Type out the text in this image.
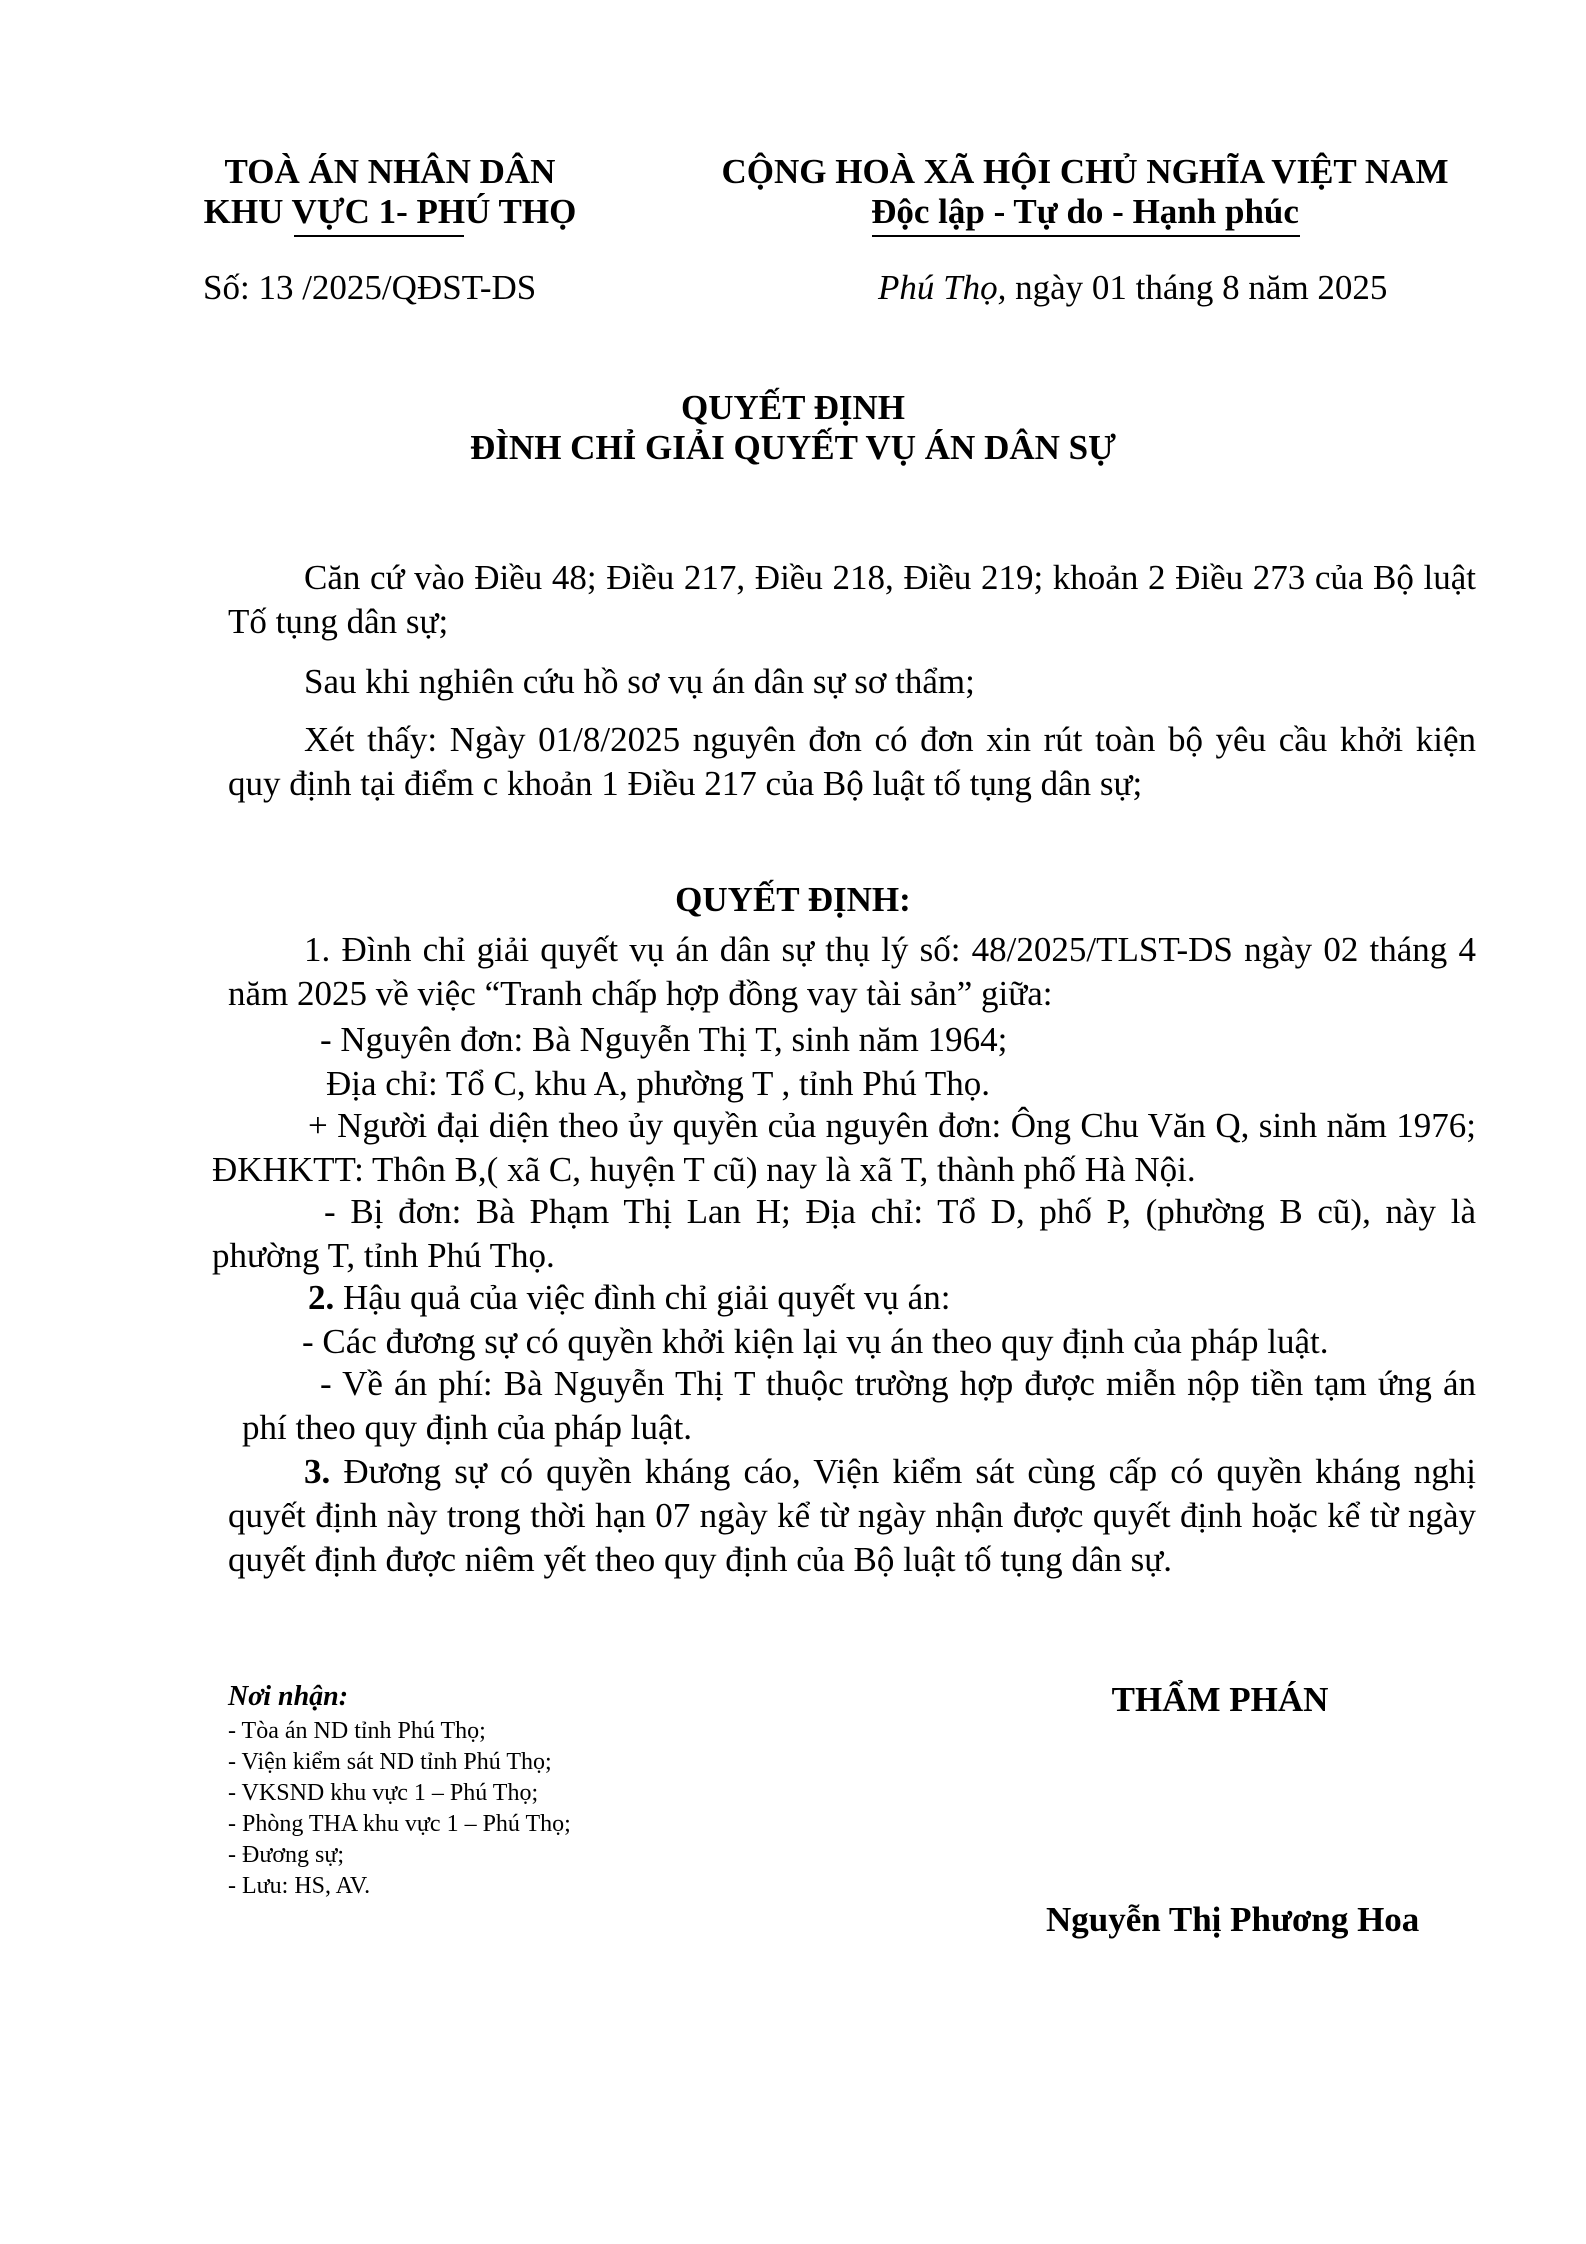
TOÀ ÁN NHÂN DÂN
KHU VỰC 1- PHÚ THỌ
CỘNG HOÀ XÃ HỘI CHỦ NGHĨA VIỆT NAM
Độc lập - Tự do - Hạnh phúc
Số: 13 /2025/QĐST-DS	Phú Thọ, ngày 01 tháng 8 năm 2025
QUYẾT ĐỊNH
ĐÌNH CHỈ GIẢI QUYẾT VỤ ÁN DÂN SỰ
Căn cứ vào Điều 48; Điều 217, Điều 218, Điều 219; khoản 2 Điều 273 của Bộ luật Tố tụng dân sự;
Sau khi nghiên cứu hồ sơ vụ án dân sự sơ thẩm;
Xét thấy: Ngày 01/8/2025 nguyên đơn có đơn xin rút toàn bộ yêu cầu khởi kiện quy định tại điểm c khoản 1 Điều 217 của Bộ luật tố tụng dân sự;
QUYẾT ĐỊNH:
1. Đình chỉ giải quyết vụ án dân sự thụ lý số: 48/2025/TLST-DS ngày 02 tháng 4 năm 2025 về việc “Tranh chấp hợp đồng vay tài sản” giữa:
- Nguyên đơn: Bà Nguyễn Thị T, sinh năm 1964;
Địa chỉ: Tổ C, khu A, phường T , tỉnh Phú Thọ.
+ Người đại diện theo ủy quyền của nguyên đơn: Ông Chu Văn Q, sinh năm 1976; ĐKHKTT: Thôn B,( xã C, huyện T cũ) nay là xã T, thành phố Hà Nội.
- Bị đơn: Bà Phạm Thị Lan H; Địa chỉ: Tổ D, phố P, (phường B cũ), này là phường T, tỉnh Phú Thọ.
2. Hậu quả của việc đình chỉ giải quyết vụ án:
- Các đương sự có quyền khởi kiện lại vụ án theo quy định của pháp luật.
- Về án phí: Bà Nguyễn Thị T thuộc trường hợp được miễn nộp tiền tạm ứng án phí theo quy định của pháp luật.
3. Đương sự có quyền kháng cáo, Viện kiểm sát cùng cấp có quyền kháng nghị quyết định này trong thời hạn 07 ngày kể từ ngày nhận được quyết định hoặc kể từ ngày quyết định được niêm yết theo quy định của Bộ luật tố tụng dân sự.
Nơi nhận:
- Tòa án ND tỉnh Phú Thọ;
- Viện kiểm sát ND tỉnh Phú Thọ;
- VKSND khu vực 1 – Phú Thọ;
- Phòng THA khu vực 1 – Phú Thọ;
- Đương sự;
- Lưu: HS, AV.
THẨM PHÁN
Nguyễn Thị Phương Hoa
